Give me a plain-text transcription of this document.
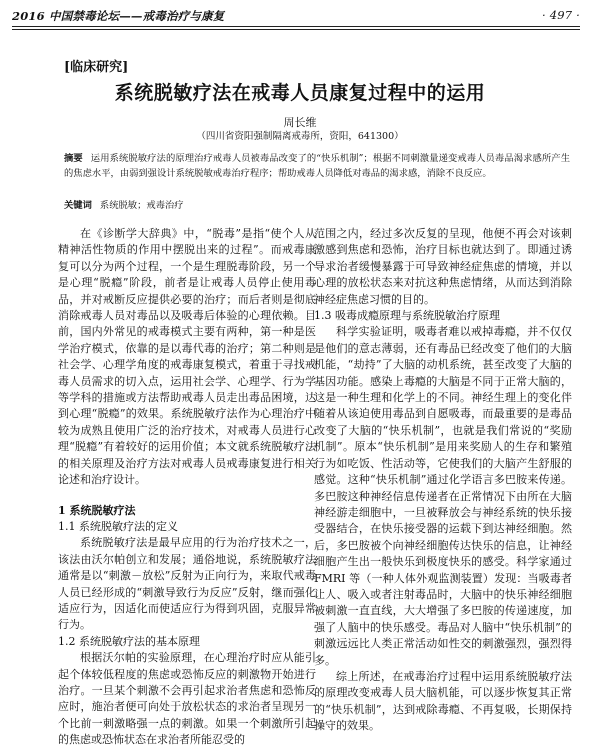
2016 中国禁毒论坛——戒毒治疗与康复	· 497 ·
[临床研究]
系统脱敏疗法在戒毒人员康复过程中的运用
周长维
（四川省资阳强制隔离戒毒所，资阳，641300）
摘要 运用系统脱敏疗法的原理治疗戒毒人员被毒品改变了的“快乐机制”；根据不同刺激量递变戒毒人员毒品渴求感所产生的焦虑水平，由弱到强设计系统脱敏戒毒治疗程序；帮助戒毒人员降低对毒品的渴求感，消除不良反应。
关键词 系统脱敏；戒毒治疗

在《诊断学大辞典》中，“脱毒”是指“使个人从精神活性物质的作用中摆脱出来的过程”。而戒毒康复可以分为两个过程，一个是生理脱毒阶段，另一个是心理“脱瘾”阶段，前者是让戒毒人员停止使用毒品，并对戒断反应提供必要的治疗；而后者则是彻底消除戒毒人员对毒品以及吸毒后体验的心理依赖。目前，国内外常见的戒毒模式主要有两种，第一种是医学治疗模式，依靠的是以毒代毒的治疗；第二种则是社会学、心理学角度的戒毒康复模式，着重于寻找戒毒人员需求的切入点，运用社会学、心理学、行为学等学科的措施或方法帮助戒毒人员走出毒品困境，达到心理“脱瘾”的效果。系统脱敏疗法作为心理治疗中较为成熟且使用广泛的治疗技术，对戒毒人员进行心理“脱瘾”有着较好的运用价值；本文就系统脱敏疗法的相关原理及治疗方法对戒毒人员戒毒康复进行相关论述和治疗设计。

1 系统脱敏疗法

1.1 系统脱敏疗法的定义

系统脱敏疗法是最早应用的行为治疗技术之一，该法由沃尔帕创立和发展；通俗地说，系统脱敏疗法通常是以“刺激－放松”反射为正向行为，来取代戒毒人员已经形成的“刺激导致行为反应”反射，继而强化适应行为，因适化而使适应行为得到巩固，克服异常行为。

1.2 系统脱敏疗法的基本原理

根据沃尔帕的实验原理，在心理治疗时应从能引起个体较低程度的焦虑或恐怖反应的刺激物开始进行治疗。一旦某个刺激不会再引起求治者焦虑和恐怖反应时，施治者便可向处于放松状态的求治者呈现另一个比前一刺激略强一点的刺激。如果一个刺激所引起的焦虑或恐怖状态在求治者所能忍受的

范围之内，经过多次反复的呈现，他便不再会对该刺激感到焦虑和恐怖，治疗目标也就达到了。即通过诱导求治者缓慢暴露于可导致神经症焦虑的情境，并以心理的放松状态来对抗这种焦虑情绪，从而达到消除神经症焦虑习惯的目的。

1.3 吸毒成瘾原理与系统脱敏治疗原理

科学实验证明，吸毒者难以戒掉毒瘾，并不仅仅是他们的意志薄弱，还有毒品已经改变了他们的大脑机能，“劫持”了大脑的动机系统，甚至改变了大脑的基因功能。感染上毒瘾的大脑是不同于正常大脑的，这是一种生理和化学上的不同。神经生理上的变化伴随着从该迫使用毒品到自愿吸毒，而最重要的是毒品改变了大脑的“快乐机制”，也就是我们常说的“奖励机制”。原本“快乐机制”是用来奖励人的生存和繁殖行为如吃饭、性活动等，它使我们的大脑产生舒服的感觉。这种“快乐机制”通过化学语言多巴胺来传递。多巴胺这种神经信息传递者在正常情况下由所在大脑神经游走细胞中，一旦被释放会与神经系统的快乐接受器结合，在快乐接受器的运载下到达神经细胞。然后，多巴胺被个向神经细胞传达快乐的信息，让神经细胞产生出一般快乐到极度快乐的感受。科学家通过 FMRI 等（一种人体外观监测装置）发现：当吸毒者让人、吸入或者注射毒品时，大脑中的快乐神经细胞被刺激一直直线，大大增强了多巴胺的传递速度，加强了人脑中的快乐感受。毒品对人脑中“快乐机制”的刺激远远比人类正常活动如性交的刺激强烈，强烈得多。

综上所述，在戒毒治疗过程中运用系统脱敏疗法的原理改变戒毒人员大脑机能，可以逐步恢复其正常的“快乐机制”，达到戒除毒瘾、不再复吸，长期保持操守的效果。
